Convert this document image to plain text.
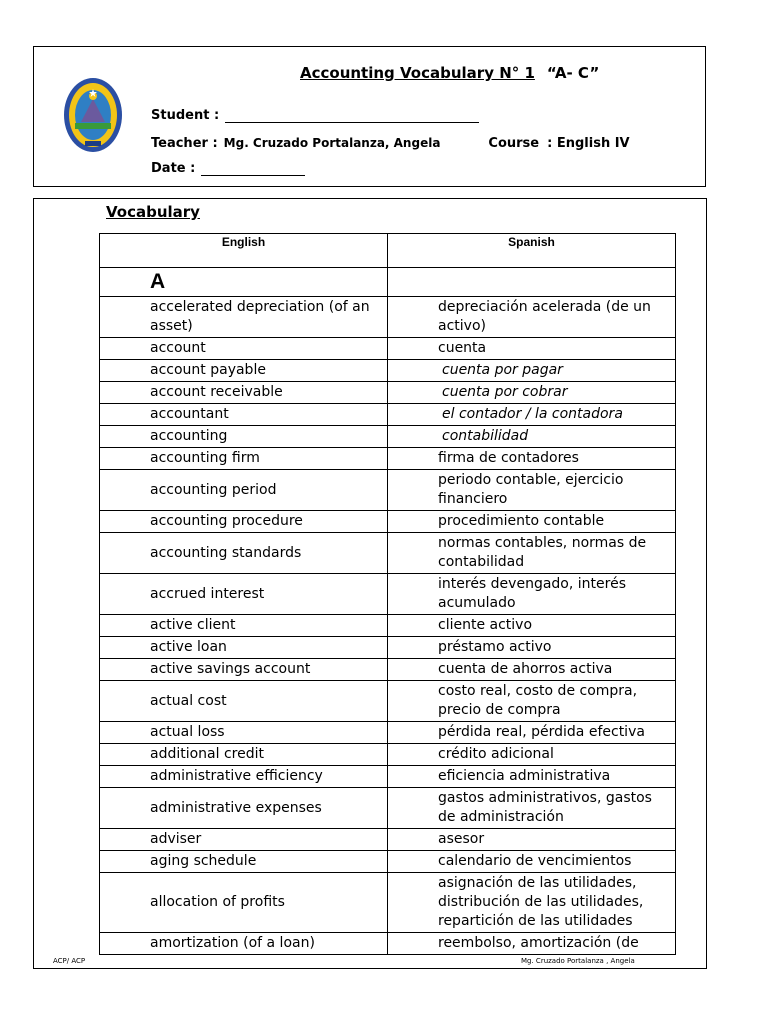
Accounting Vocabulary N° 1 “A- C”
Student :
Teacher : Mg. Cruzado Portalanza, Angela	Course : English IV
Date :
Vocabulary
English	Spanish
A	
accelerated depreciation (of an asset)	depreciación acelerada (de un activo)
account	cuenta
account payable	cuenta por pagar
account receivable	cuenta por cobrar
accountant	el contador / la contadora
accounting	contabilidad
accounting firm	firma de contadores
accounting period	periodo contable, ejercicio financiero
accounting procedure	procedimiento contable
accounting standards	normas contables, normas de contabilidad
accrued interest	interés devengado, interés acumulado
active client	cliente activo
active loan	préstamo activo
active savings account	cuenta de ahorros activa
actual cost	costo real, costo de compra, precio de compra
actual loss	pérdida real, pérdida efectiva
additional credit	crédito adicional
administrative efficiency	eficiencia administrativa
administrative expenses	gastos administrativos, gastos de administración
adviser	asesor
aging schedule	calendario de vencimientos
allocation of profits	asignación de las utilidades, distribución de las utilidades, repartición de las utilidades
amortization (of a loan)	reembolso, amortización (de
ACP/ ACP	Mg. Cruzado Portalanza , Angela
